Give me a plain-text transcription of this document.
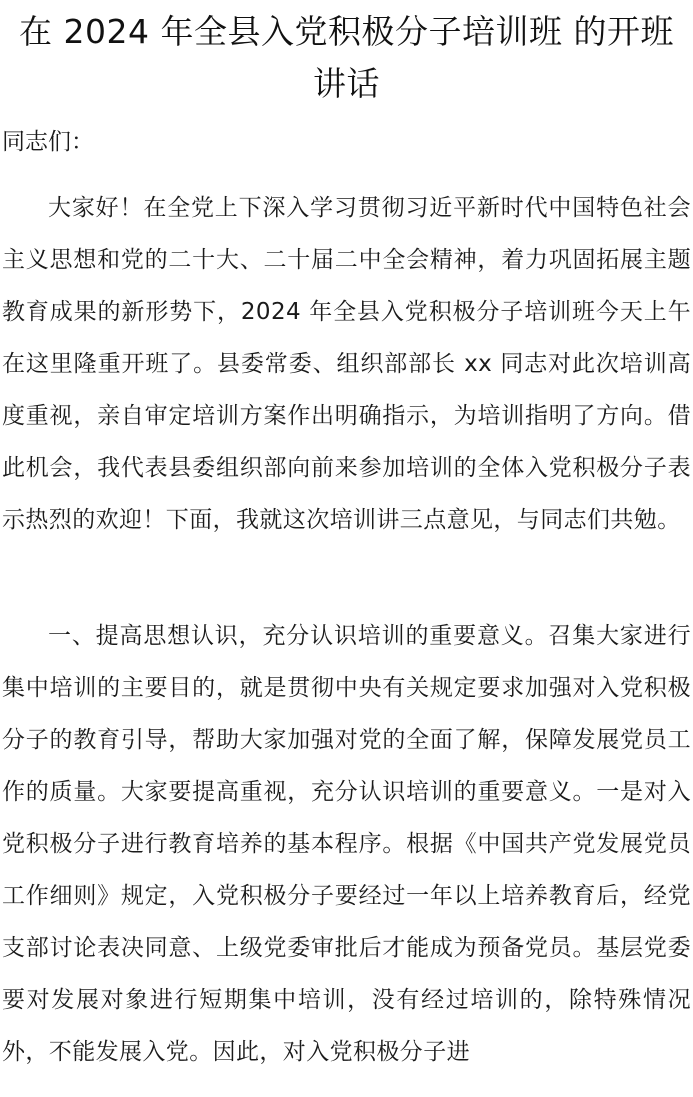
在 2024 年全县入党积极分子培训班 的开班讲话

同志们：

大家好！在全党上下深入学习贯彻习近平新时代中国特色社会主义思想和党的二十大、二十届二中全会精神，着力巩固拓展主题教育成果的新形势下，2024 年全县入党积极分子培训班今天上午在这里隆重开班了。县委常委、组织部部长 xx 同志对此次培训高度重视，亲自审定培训方案作出明确指示，为培训指明了方向。借此机会，我代表县委组织部向前来参加培训的全体入党积极分子表示热烈的欢迎！下面，我就这次培训讲三点意见，与同志们共勉。

一、提高思想认识，充分认识培训的重要意义。召集大家进行集中培训的主要目的，就是贯彻中央有关规定要求加强对入党积极分子的教育引导，帮助大家加强对党的全面了解，保障发展党员工作的质量。大家要提高重视，充分认识培训的重要意义。一是对入党积极分子进行教育培养的基本程序。根据《中国共产党发展党员工作细则》规定，入党积极分子要经过一年以上培养教育后，经党支部讨论表决同意、上级党委审批后才能成为预备党员。基层党委要对发展对象进行短期集中培训，没有经过培训的，除特殊情况外，不能发展入党。因此，对入党积极分子进
